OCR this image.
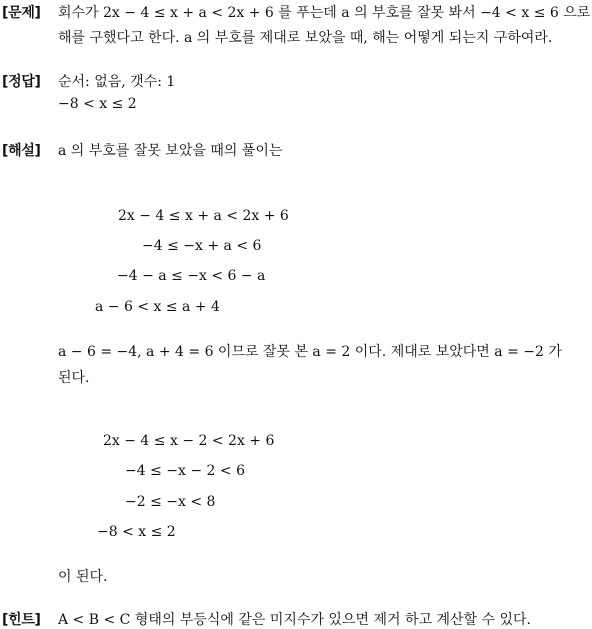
[문제] 회수가 2x − 4 ≤ x + a < 2x + 6 를 푸는데 a 의 부호를 잘못 봐서 −4 < x ≤ 6 으로
해를 구했다고 한다. a 의 부호를 제대로 보았을 때, 해는 어떻게 되는지 구하여라.
[정답] 순서: 없음, 갯수: 1
−8 < x ≤ 2
[해설] a 의 부호를 잘못 보았을 때의 풀이는
2x − 4 ≤ x + a < 2x + 6
−4 ≤ −x + a < 6
−4 − a ≤ −x < 6 − a
a − 6 < x ≤ a + 4
a − 6 = −4, a + 4 = 6 이므로 잘못 본 a = 2 이다. 제대로 보았다면 a = −2 가
된다.
2x − 4 ≤ x − 2 < 2x + 6
−4 ≤ −x − 2 < 6
−2 ≤ −x < 8
−8 < x ≤ 2
이 된다.
[힌트] A < B < C 형태의 부등식에 같은 미지수가 있으면 제거 하고 계산할 수 있다.
